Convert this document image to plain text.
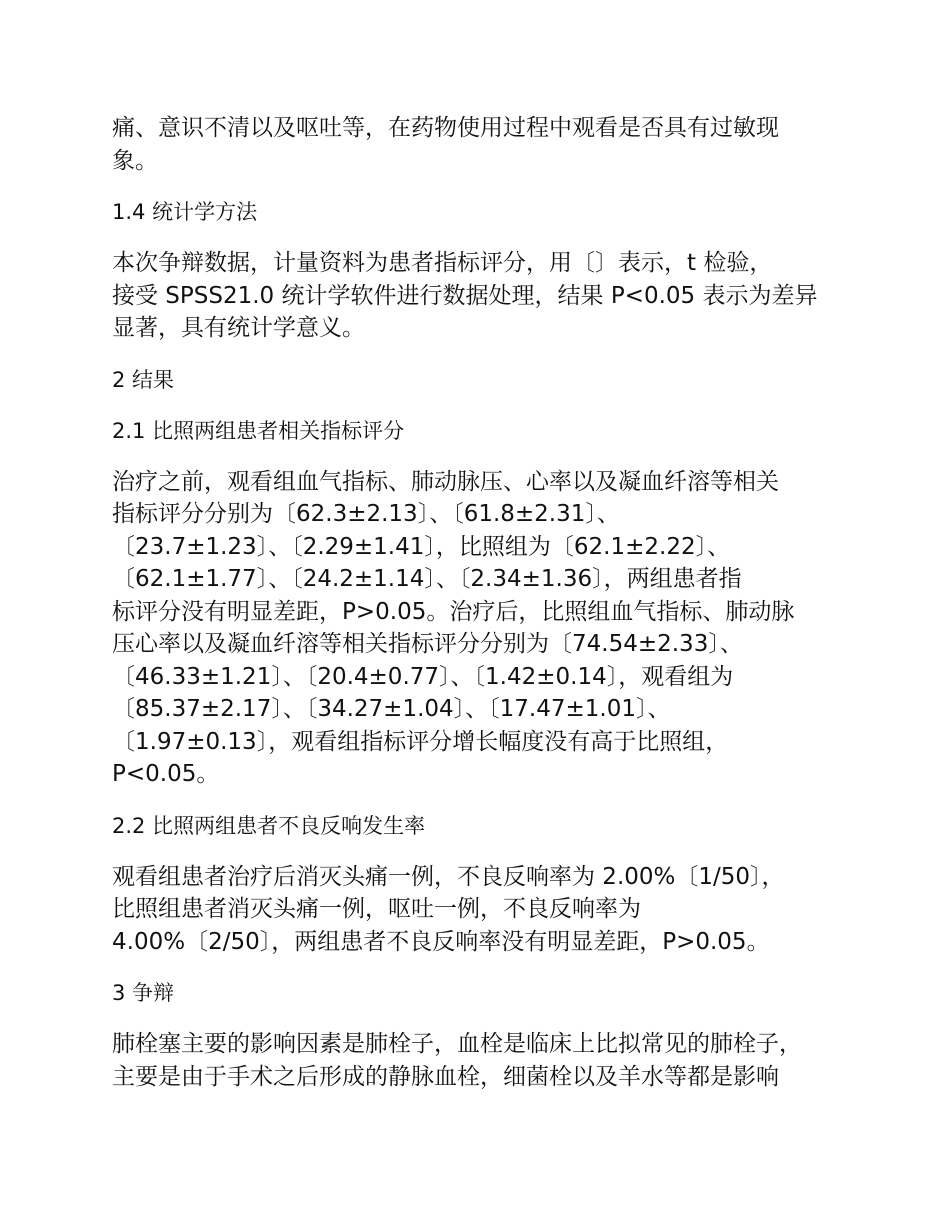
痛、意识不清以及呕吐等，在药物使用过程中观看是否具有过敏现
象。

1.4 统计学方法

本次争辩数据，计量资料为患者指标评分，用〔〕表示，t 检验，
接受 SPSS21.0 统计学软件进行数据处理，结果 P<0.05 表示为差异
显著，具有统计学意义。

2 结果

2.1 比照两组患者相关指标评分

治疗之前，观看组血气指标、肺动脉压、心率以及凝血纤溶等相关
指标评分分别为〔62.3±2.13〕、〔61.8±2.31〕、
〔23.7±1.23〕、〔2.29±1.41〕，比照组为〔62.1±2.22〕、
〔62.1±1.77〕、〔24.2±1.14〕、〔2.34±1.36〕，两组患者指
标评分没有明显差距，P>0.05。治疗后，比照组血气指标、肺动脉
压心率以及凝血纤溶等相关指标评分分别为〔74.54±2.33〕、
〔46.33±1.21〕、〔20.4±0.77〕、〔1.42±0.14〕，观看组为
〔85.37±2.17〕、〔34.27±1.04〕、〔17.47±1.01〕、
〔1.97±0.13〕，观看组指标评分增长幅度没有高于比照组，
P<0.05。

2.2 比照两组患者不良反响发生率

观看组患者治疗后消灭头痛一例，不良反响率为 2.00%〔1/50〕，
比照组患者消灭头痛一例，呕吐一例，不良反响率为
4.00%〔2/50〕，两组患者不良反响率没有明显差距，P>0.05。

3 争辩

肺栓塞主要的影响因素是肺栓子，血栓是临床上比拟常见的肺栓子，
主要是由于手术之后形成的静脉血栓，细菌栓以及羊水等都是影响
